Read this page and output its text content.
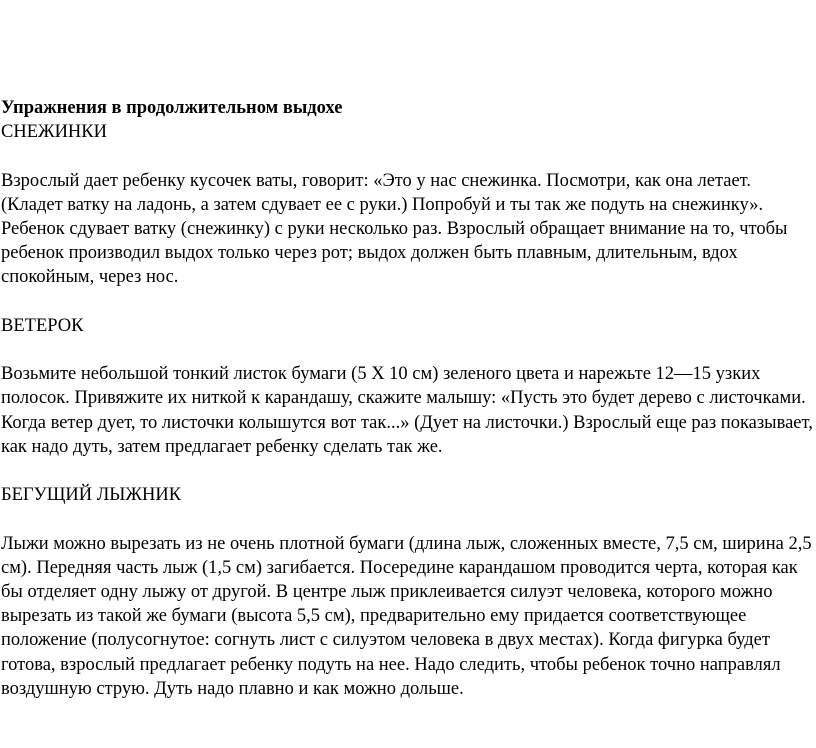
Упражнения в продолжительном выдохе

СНЕЖИНКИ

Взрослый дает ребенку кусочек ваты, говорит: «Это у нас снежинка. Посмотри, как она летает. (Кладет ватку на ладонь, а затем сдувает ее с руки.) Попробуй и ты так же подуть на снежинку». Ребенок сдувает ватку (снежинку) с руки несколько раз. Взрослый обращает внимание на то, чтобы ребенок производил выдох только через рот; выдох должен быть плавным, длительным, вдох спокойным, через нос.

ВЕТЕРОК

Возьмите небольшой тонкий листок бумаги (5 X 10 см) зеленого цвета и нарежьте 12—15 узких полосок. Привяжите их ниткой к карандашу, скажите малышу: «Пусть это будет дерево с листочками. Когда ветер дует, то листочки колышутся вот так...» (Дует на листочки.) Взрослый еще раз показывает, как надо дуть, затем предлагает ребенку сделать так же.

БЕГУЩИЙ ЛЫЖНИК

Лыжи можно вырезать из не очень плотной бумаги (длина лыж, сложенных вместе, 7,5 см, ширина 2,5 см). Передняя часть лыж (1,5 см) загибается. Посередине карандашом проводится черта, которая как бы отделяет одну лыжу от другой. В центре лыж приклеивается силуэт человека, которого можно вырезать из такой же бумаги (высота 5,5 см), предварительно ему придается соответствующее положение (полусогнутое: согнуть лист с силуэтом человека в двух местах). Когда фигурка будет готова, взрослый предлагает ребенку подуть на нее. Надо следить, чтобы ребенок точно направлял воздушную струю. Дуть надо плавно и как можно дольше.
